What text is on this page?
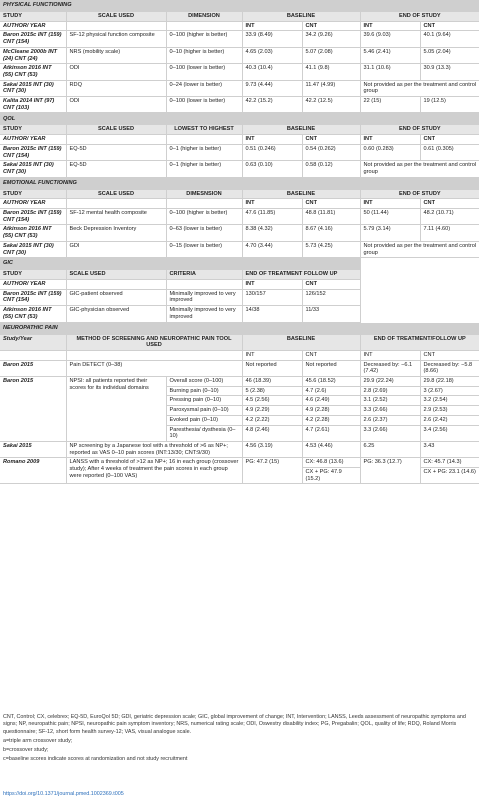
PHYSICAL FUNCTIONING						
STUDY	SCALE USED	DIMENSION	BASELINE		END OF STUDY	
AUTHOR/ YEAR			INT	CNT	INT	CNT
Baron 2015c INT (159) CNT (154)	SF-12 physical function composite	0–100 (higher is better)	33.9 (8.49)	34.2 (9.26)	39.6 (9.03)	40.1 (9.64)
McCleane 2000b INT (24) CNT (24)	NRS (mobility scale)	0–10 (higher is better)	4.65 (2.03)	5.07 (2.08)	5.46 (2.41)	5.05 (2.04)
Atkinson 2016 INT (55) CNT (53)	ODI	0–100 (lower is better)	40.3 (10.4)	41.1 (9.8)	31.1 (10.6)	30.9 (13.3)
Sakai 2015 INT (30) CNT (30)	RDQ	0–24 (lower is better)	9.73 (4.44)	11.47 (4.99)	Not provided as per the treatment and control group	
Kalita 2014 INT (97) CNT (103)	ODI	0–100 (lower is better)	42.2 (15.2)	42.2 (12.5)	22 (15)	19 (12.5)
QOL						
STUDY	SCALE USED	LOWEST TO HIGHEST	BASELINE		END OF STUDY	
AUTHOR/ YEAR			INT	CNT	INT	CNT
Baron 2015c INT (159) CNT (154)	EQ-5D	0–1 (higher is better)	0.51 (0.246)	0.54 (0.262)	0.60 (0.283)	0.61 (0.305)
Sakai 2015 INT (30) CNT (30)	EQ-5D	0–1 (higher is better)	0.63 (0.10)	0.58 (0.12)	Not provided as per the treatment and control group	
EMOTIONAL FUNCTIONING						
STUDY	SCALE USED	DIMESNSION	BASELINE		END OF STUDY	
AUTHOR/ YEAR			INT	CNT	INT	CNT
Baron 2015c INT (159) CNT (154)	SF-12 mental health composite	0–100 (higher is better)	47.6 (11.85)	48.8 (11.81)	50 (11.44)	48.2 (10.71)
Atkinson 2016 INT (55) CNT (53)	Beck Depression Inventory	0–63 (lower is better)	8.38 (4.32)	8.67 (4.16)	5.79 (3.14)	7.11 (4.60)
Sakai 2015 INT (30) CNT (30)	GDI	0–15 (lower is better)	4.70 (3.44)	5.73 (4.25)	Not provided as per the treatment and control group	
GIC						
STUDY	SCALE USED	CRITERIA	END OF TREATMENT FOLLOW UP			
AUTHOR/ YEAR			INT	CNT		
Baron 2015c INT (159) CNT (154)	GIC-patient observed	Minimally improved to very improved	130/157	126/152		
Atkinson 2016 INT (55) CNT (53)	GIC-physician observed	Minimally improved to very improved	14/38	11/33		
NEUROPATHIC PAIN						
Study/Year	METHOD OF SCREENING AND NEUROPATHIC PAIN TOOL USED		BASELINE		END OF TREATMENT/FOLLOW UP	
			INT	CNT	INT	CNT
Baron 2015	Pain DETECT (0–38)		Not reported	Not reported	Decreased by: −6.1 (7.42)	Decreased by: −5.8 (8.66)
Baron 2015	NPSI: all patients reported their scores for its individual domains	Overall score (0–100)	46 (18.39)	45.6 (18.52)	29.9 (22.24)	29.8 (22.18)
		Burning pain (0–10)	5 (2.38)	4.7 (2.6)	2.8 (2.69)	3 (2.67)
		Pressing pain (0–10)	4.5 (2.56)	4.6 (2.49)	3.1 (2.52)	3.2 (2.54)
		Paroxysmal pain (0–10)	4.9 (2.29)	4.9 (2.28)	3.3 (2.66)	2.9 (2.53)
		Evoked pain (0–10)	4.2 (2.22)	4.2 (2.28)	2.6 (2.37)	2.6 (2.42)
		Paresthesia/ dysthesia (0–10)	4.8 (2.46)	4.7 (2.61)	3.3 (2.66)	3.4 (2.56)
Sakai 2015	NP screening by a Japanese tool with a threshold of >6 as NP+; reported as VAS 0–10 pain scores (INT:13/30; CNT:9/30)		4.56 (3.19)	4.53 (4.46)	6.25	3.43
Romano 2009	LANSS with a threshold of >12 as NP+; 16 in each group (crossover study); After 4 weeks of treatment the pain scores in each group were reported (0–100 VAS)		PG: 47.2 (15)	CX: 46.8 (13.6)	PG: 36.3 (12.7)	CX: 45.7 (14.3)
				CX + PG: 47.9 (15.2)		CX + PG: 23.1 (14.6)
CNT, Control; CX, celebrex; EQ-5D, EuroQol 5D; GDI, geriatric depression scale; GIC, global improvement of change; INT, Intervention; LANSS, Leeds assessment of neuropathic symptoms and signs; NP, neuropathic pain; NPSI, neuropathic pain symptom inventory; NRS, numerical rating scale; ODI, Oswestry disability index; PG, Pregabalin; QOL, quality of life; RDQ, Roland Morris questionnaire; SF-12, short form health survey-12; VAS, visual analogue scale.
a=triple arm crossover study;
b=crossover study;
c=baseline scores indicate scores at randomization and not study recruitment
https://doi.org/10.1371/journal.pmed.1002369.t005
